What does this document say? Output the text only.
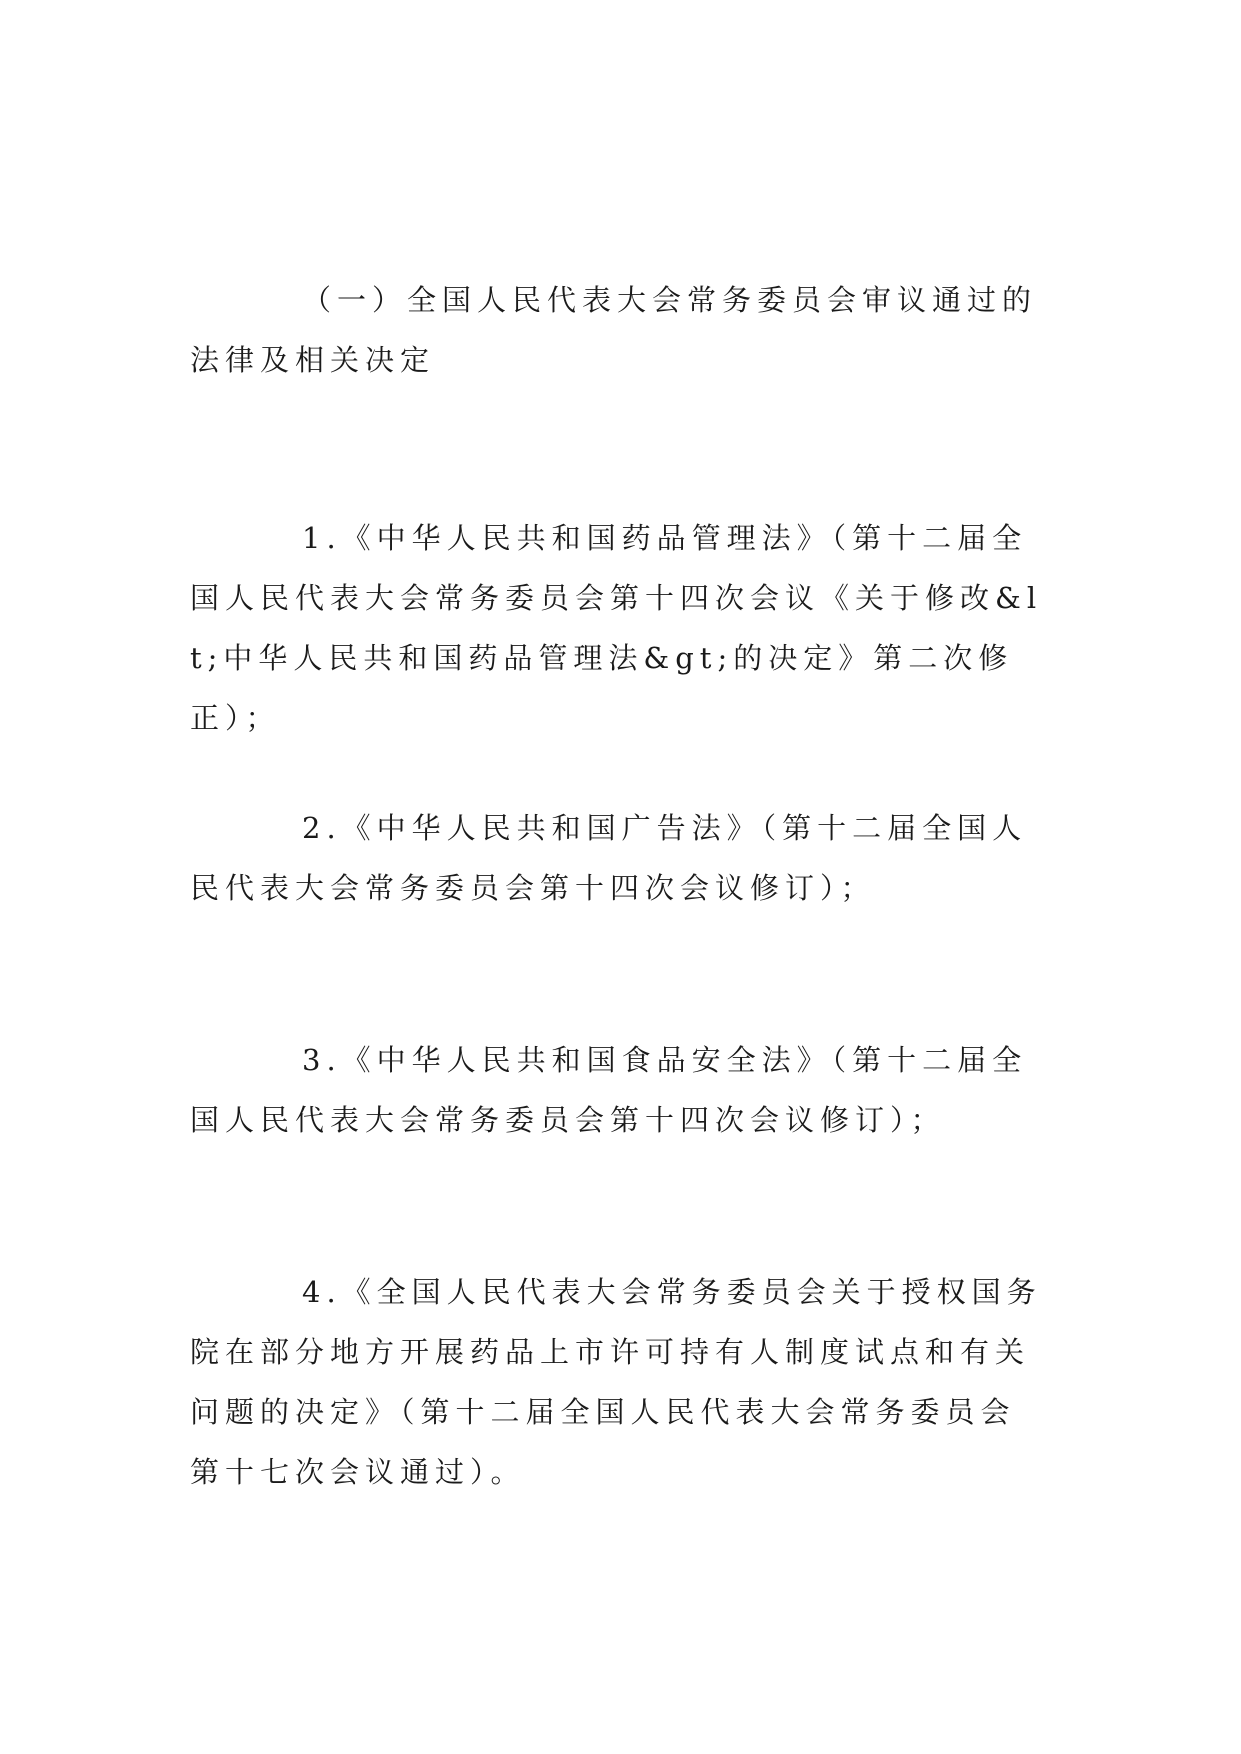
（一）全国人民代表大会常务委员会审议通过的法律及相关决定

1.《中华人民共和国药品管理法》（第十二届全国人民代表大会常务委员会第十四次会议《关于修改&lt;中华人民共和国药品管理法&gt;的决定》第二次修正）；

2.《中华人民共和国广告法》（第十二届全国人民代表大会常务委员会第十四次会议修订）；

3.《中华人民共和国食品安全法》（第十二届全国人民代表大会常务委员会第十四次会议修订）；

4.《全国人民代表大会常务委员会关于授权国务院在部分地方开展药品上市许可持有人制度试点和有关问题的决定》（第十二届全国人民代表大会常务委员会第十七次会议通过）。
